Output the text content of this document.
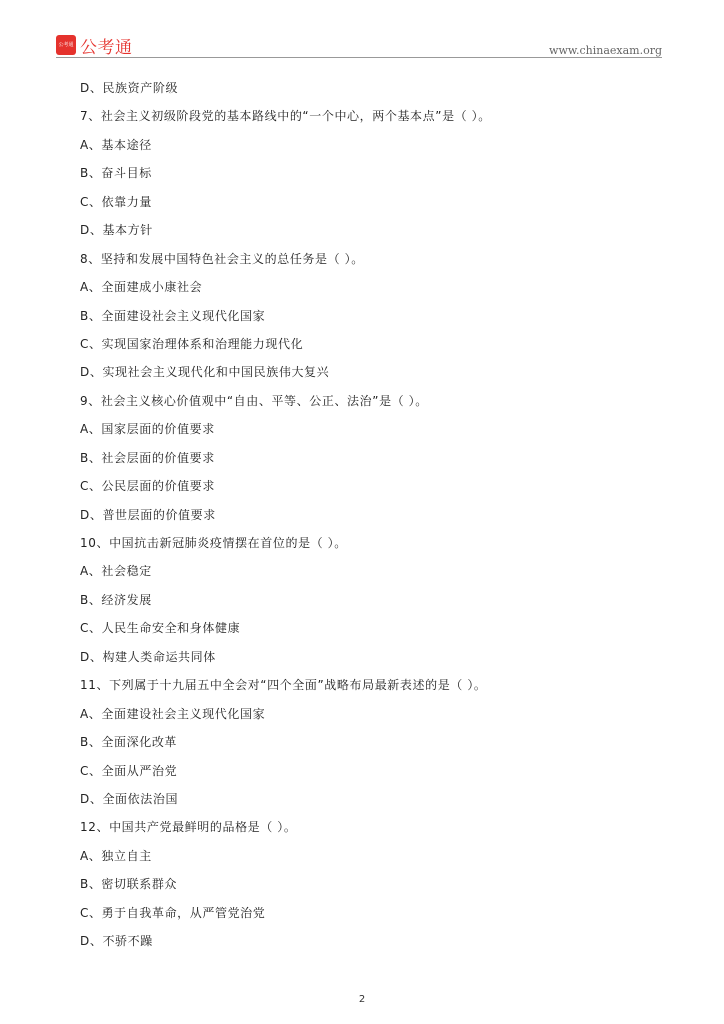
公考通 公考通	www.chinaexam.org
D、民族资产阶级
7、社会主义初级阶段党的基本路线中的“一个中心，两个基本点”是（ ）。
A、基本途径
B、奋斗目标
C、依靠力量
D、基本方针
8、坚持和发展中国特色社会主义的总任务是（ ）。
A、全面建成小康社会
B、全面建设社会主义现代化国家
C、实现国家治理体系和治理能力现代化
D、实现社会主义现代化和中国民族伟大复兴
9、社会主义核心价值观中“自由、平等、公正、法治”是（ ）。
A、国家层面的价值要求
B、社会层面的价值要求
C、公民层面的价值要求
D、普世层面的价值要求
10、中国抗击新冠肺炎疫情摆在首位的是（ ）。
A、社会稳定
B、经济发展
C、人民生命安全和身体健康
D、构建人类命运共同体
11、下列属于十九届五中全会对“四个全面”战略布局最新表述的是（ ）。
A、全面建设社会主义现代化国家
B、全面深化改革
C、全面从严治党
D、全面依法治国
12、中国共产党最鲜明的品格是（ ）。
A、独立自主
B、密切联系群众
C、勇于自我革命，从严管党治党
D、不骄不躁
2
